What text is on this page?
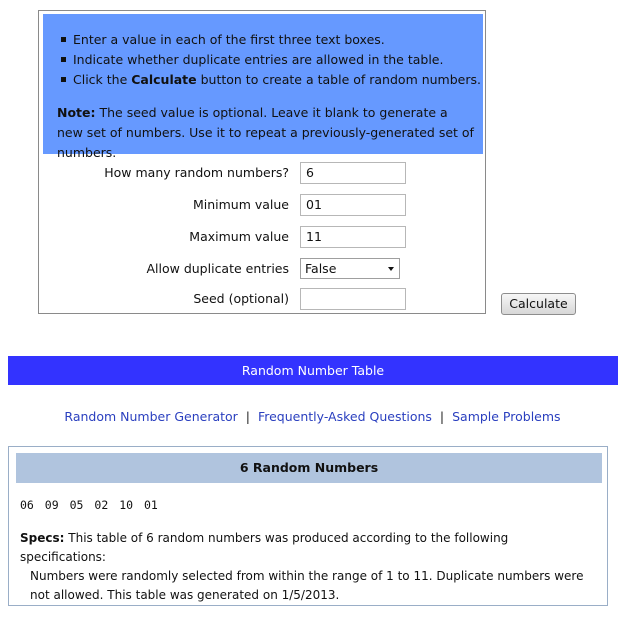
Enter a value in each of the first three text boxes.
Indicate whether duplicate entries are allowed in the table.
Click the Calculate button to create a table of random numbers.
Note: The seed value is optional. Leave it blank to generate a new set of numbers. Use it to repeat a previously-generated set of numbers.
How many random numbers?	6
Minimum value	01
Maximum value	11
Allow duplicate entries	False
Seed (optional)	Calculate
Random Number Table
Random Number Generator | Frequently-Asked Questions | Sample Problems
6 Random Numbers
06 09 05 02 10 01
Specs: This table of 6 random numbers was produced according to the following specifications:
Numbers were randomly selected from within the range of 1 to 11. Duplicate numbers were not allowed. This table was generated on 1/5/2013.
